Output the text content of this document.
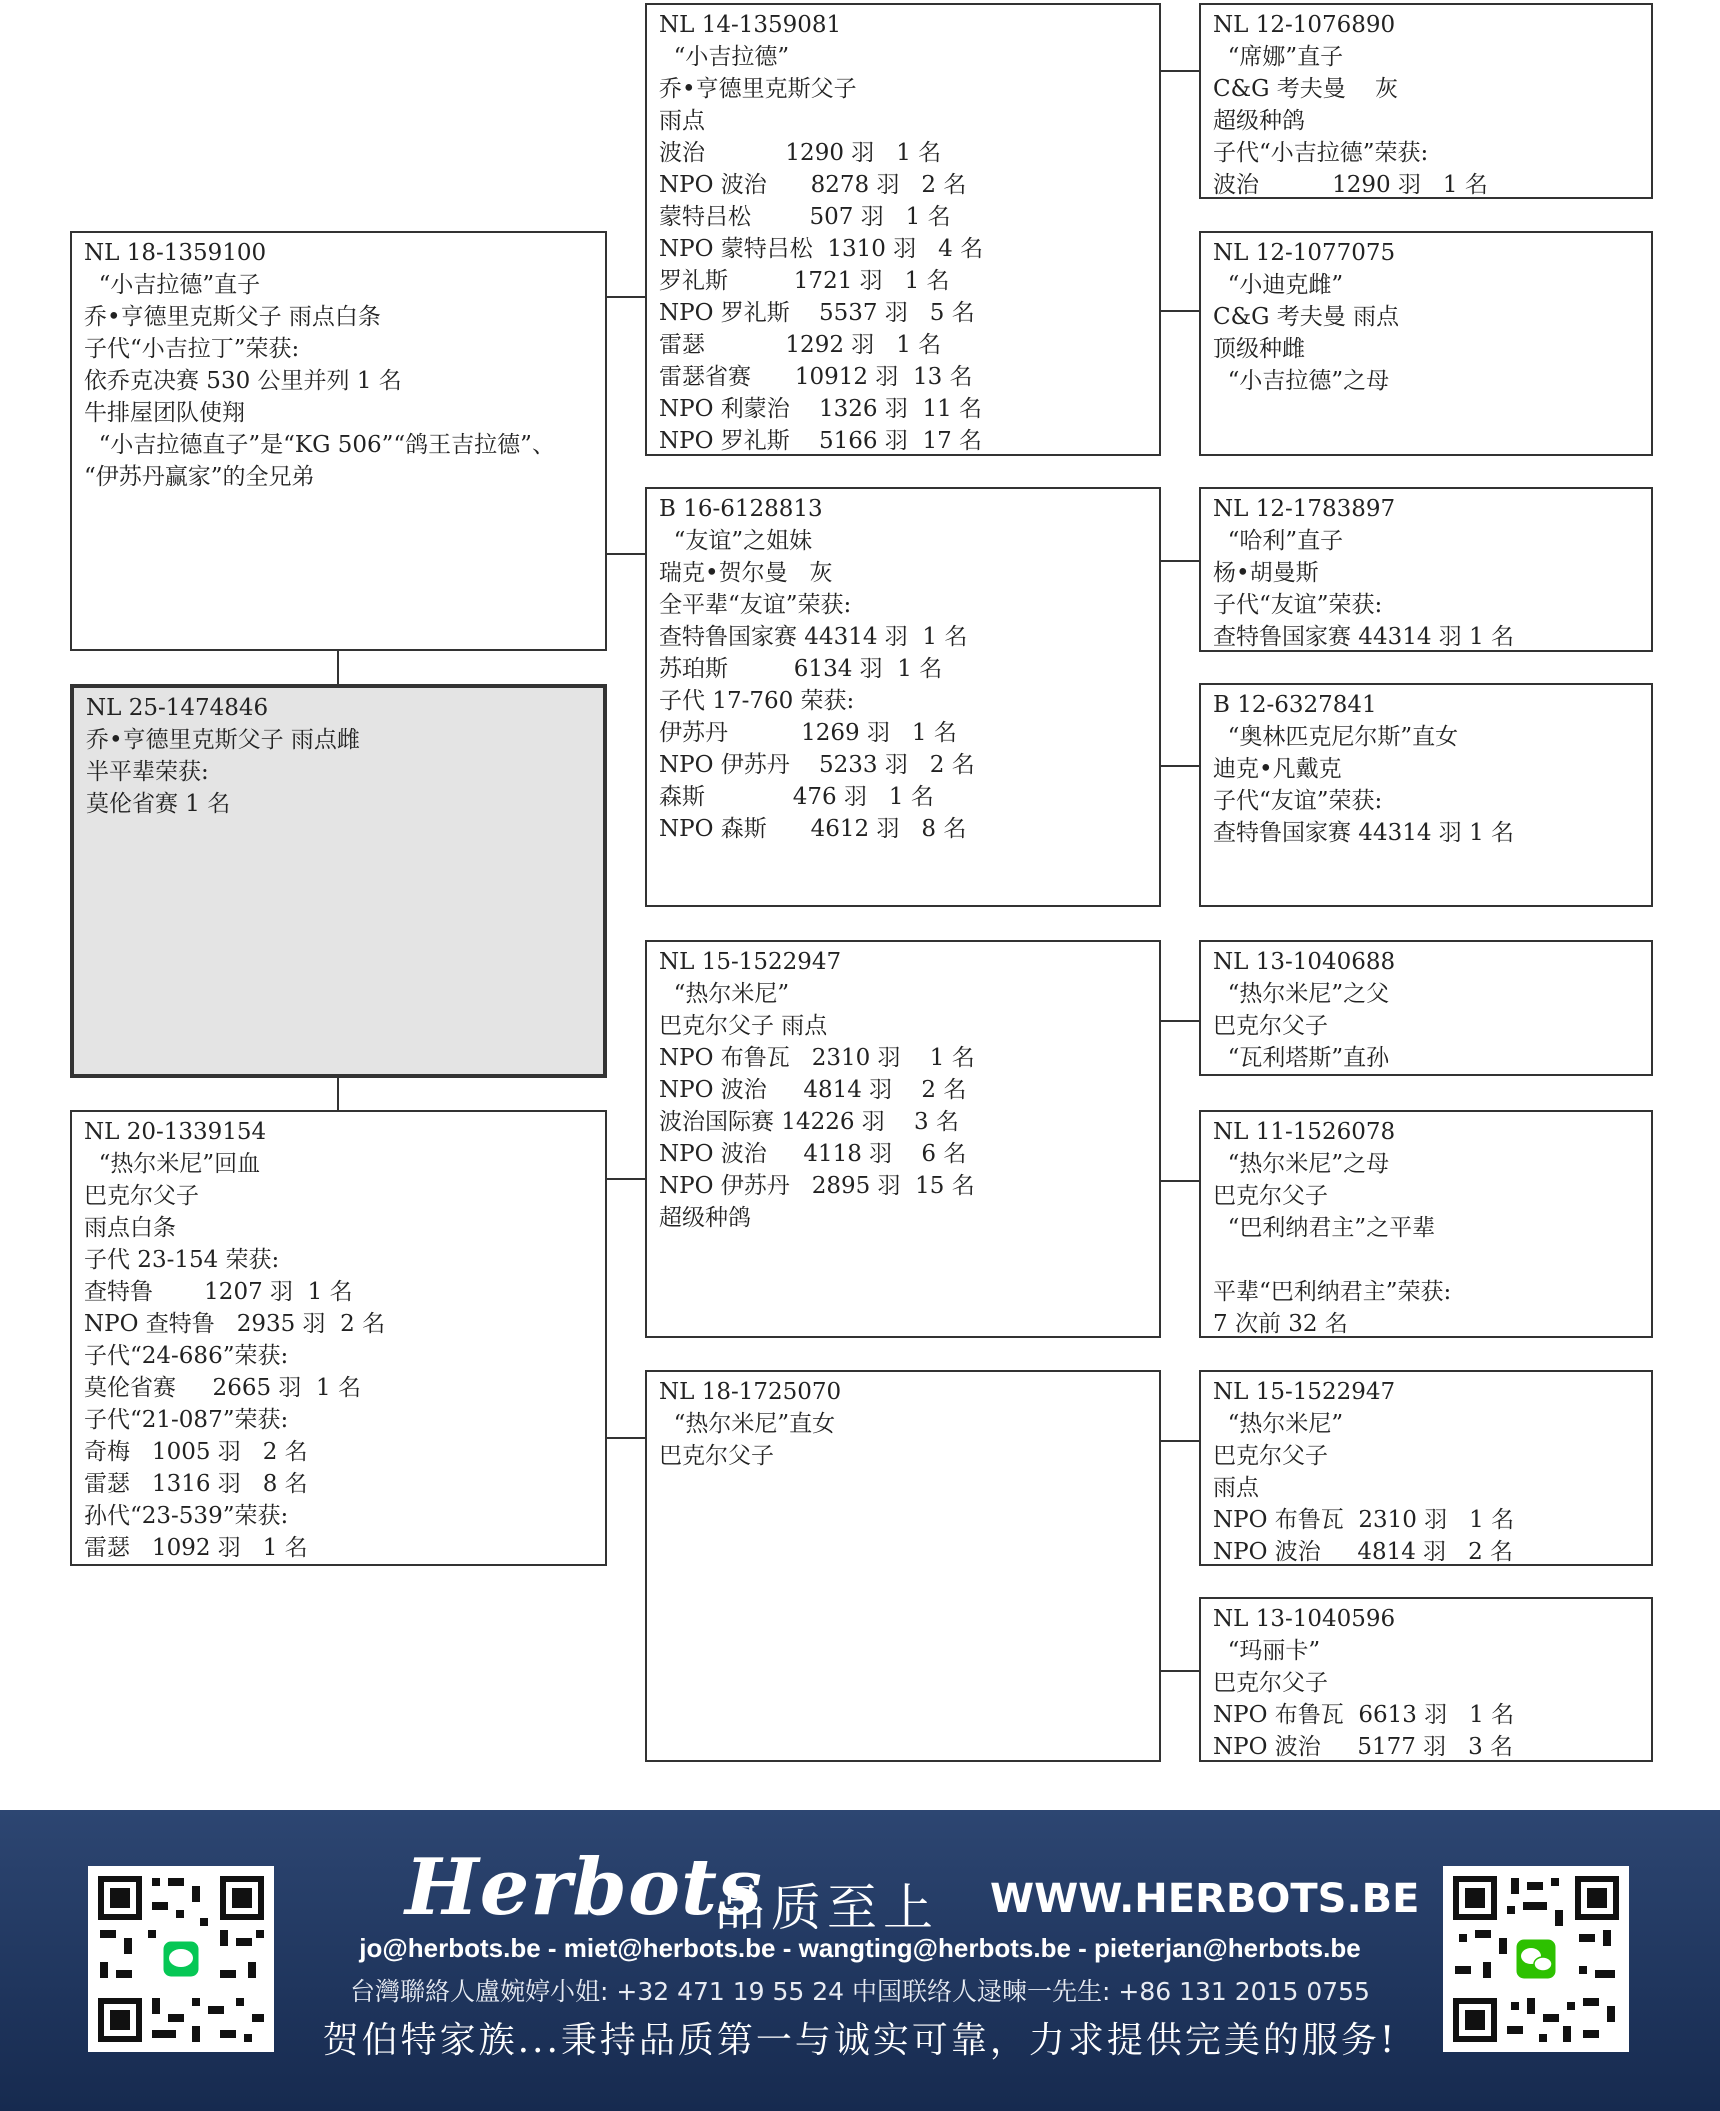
NL 18-1359100
“小吉拉德”直子
乔•亨德里克斯父子 雨点白条
子代“小吉拉丁”荣获:
依乔克决赛 530 公里并列 1 名
牛排屋团队使翔
“小吉拉德直子”是“KG 506”“鸽王吉拉德”、
“伊苏丹赢家”的全兄弟
NL 25-1474846
乔•亨德里克斯父子 雨点雌
半平辈荣获:
莫伦省赛 1 名
NL 20-1339154
“热尔米尼”回血
巴克尔父子
雨点白条
子代 23-154 荣获:
查特鲁       1207 羽  1 名
NPO 查特鲁   2935 羽  2 名
子代“24-686”荣获:
莫伦省赛     2665 羽  1 名
子代“21-087”荣获:
奇梅   1005 羽   2 名
雷瑟   1316 羽   8 名
孙代“23-539”荣获:
雷瑟   1092 羽   1 名
NL 14-1359081
“小吉拉德”
乔•亨德里克斯父子
雨点
波治           1290 羽   1 名
NPO 波治      8278 羽   2 名
蒙特吕松        507 羽   1 名
NPO 蒙特吕松  1310 羽   4 名
罗礼斯         1721 羽   1 名
NPO 罗礼斯    5537 羽   5 名
雷瑟           1292 羽   1 名
雷瑟省赛      10912 羽  13 名
NPO 利蒙治    1326 羽  11 名
NPO 罗礼斯    5166 羽  17 名
B 16-6128813
“友谊”之姐妹
瑞克•贺尔曼   灰
全平辈“友谊”荣获:
查特鲁国家赛 44314 羽  1 名
苏珀斯         6134 羽  1 名
子代 17-760 荣获:
伊苏丹          1269 羽   1 名
NPO 伊苏丹    5233 羽   2 名
森斯            476 羽   1 名
NPO 森斯      4612 羽   8 名
NL 15-1522947
“热尔米尼”
巴克尔父子 雨点
NPO 布鲁瓦   2310 羽    1 名
NPO 波治     4814 羽    2 名
波治国际赛 14226 羽    3 名
NPO 波治     4118 羽    6 名
NPO 伊苏丹   2895 羽  15 名
超级种鸽
NL 18-1725070
“热尔米尼”直女
巴克尔父子
NL 12-1076890
“席娜”直子
C&G 考夫曼    灰
超级种鸽
子代“小吉拉德”荣获:
波治          1290 羽   1 名
NL 12-1077075
“小迪克雌”
C&G 考夫曼 雨点
顶级种雌
“小吉拉德”之母
NL 12-1783897
“哈利”直子
杨•胡曼斯
子代“友谊”荣获:
查特鲁国家赛 44314 羽 1 名
B 12-6327841
“奥林匹克尼尔斯”直女
迪克•凡戴克
子代“友谊”荣获:
查特鲁国家赛 44314 羽 1 名
NL 13-1040688
“热尔米尼”之父
巴克尔父子
“瓦利塔斯”直孙
NL 11-1526078
“热尔米尼”之母
巴克尔父子
“巴利纳君主”之平辈
平辈“巴利纳君主”荣获:
7 次前 32 名
NL 15-1522947
“热尔米尼”
巴克尔父子
雨点
NPO 布鲁瓦  2310 羽   1 名
NPO 波治     4814 羽   2 名
NL 13-1040596
“玛丽卡”
巴克尔父子
NPO 布鲁瓦  6613 羽   1 名
NPO 波治     5177 羽   3 名
Herbots
品质至上 WWW.HERBOTS.BE
jo@herbots.be - miet@herbots.be - wangting@herbots.be - pieterjan@herbots.be
台灣聯絡人盧婉婷小姐: +32 471 19 55 24 中国联络人逯暕一先生: +86 131 2015 0755
贺伯特家族...秉持品质第一与诚实可靠，力求提供完美的服务!
